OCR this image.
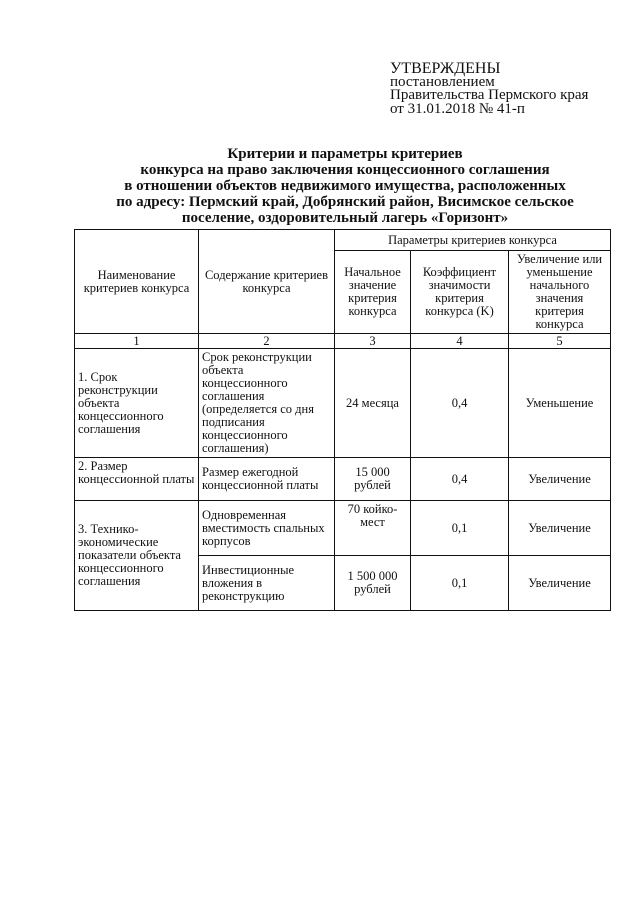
УТВЕРЖДЕНЫ
постановлением
Правительства Пермского края
от 31.01.2018 № 41-п
Критерии и параметры критериев
конкурса на право заключения концессионного соглашения
в отношении объектов недвижимого имущества, расположенных
по адресу: Пермский край, Добрянский район, Висимское сельское
поселение, оздоровительный лагерь «Горизонт»
Наименование критериев конкурса	Содержание критериев конкурса	Параметры критериев конкурса		
		Начальное значение критерия конкурса	Коэффициент значимости критерия конкурса (K)	Увеличение или уменьшение начального значения критерия конкурса
1	2	3	4	5
1. Срок реконструкции объекта концессионного соглашения	Срок реконструкции объекта концессионного соглашения (определяется со дня подписания концессионного соглашения)	24 месяца	0,4	Уменьшение
2. Размер концессионной платы	Размер ежегодной концессионной платы	15 000 рублей	0,4	Увеличение
3. Технико-экономические показатели объекта концессионного соглашения	Одновременная вместимость спальных корпусов	70 койко-мест	0,1	Увеличение
	Инвестиционные вложения в реконструкцию	1 500 000 рублей	0,1	Увеличение
